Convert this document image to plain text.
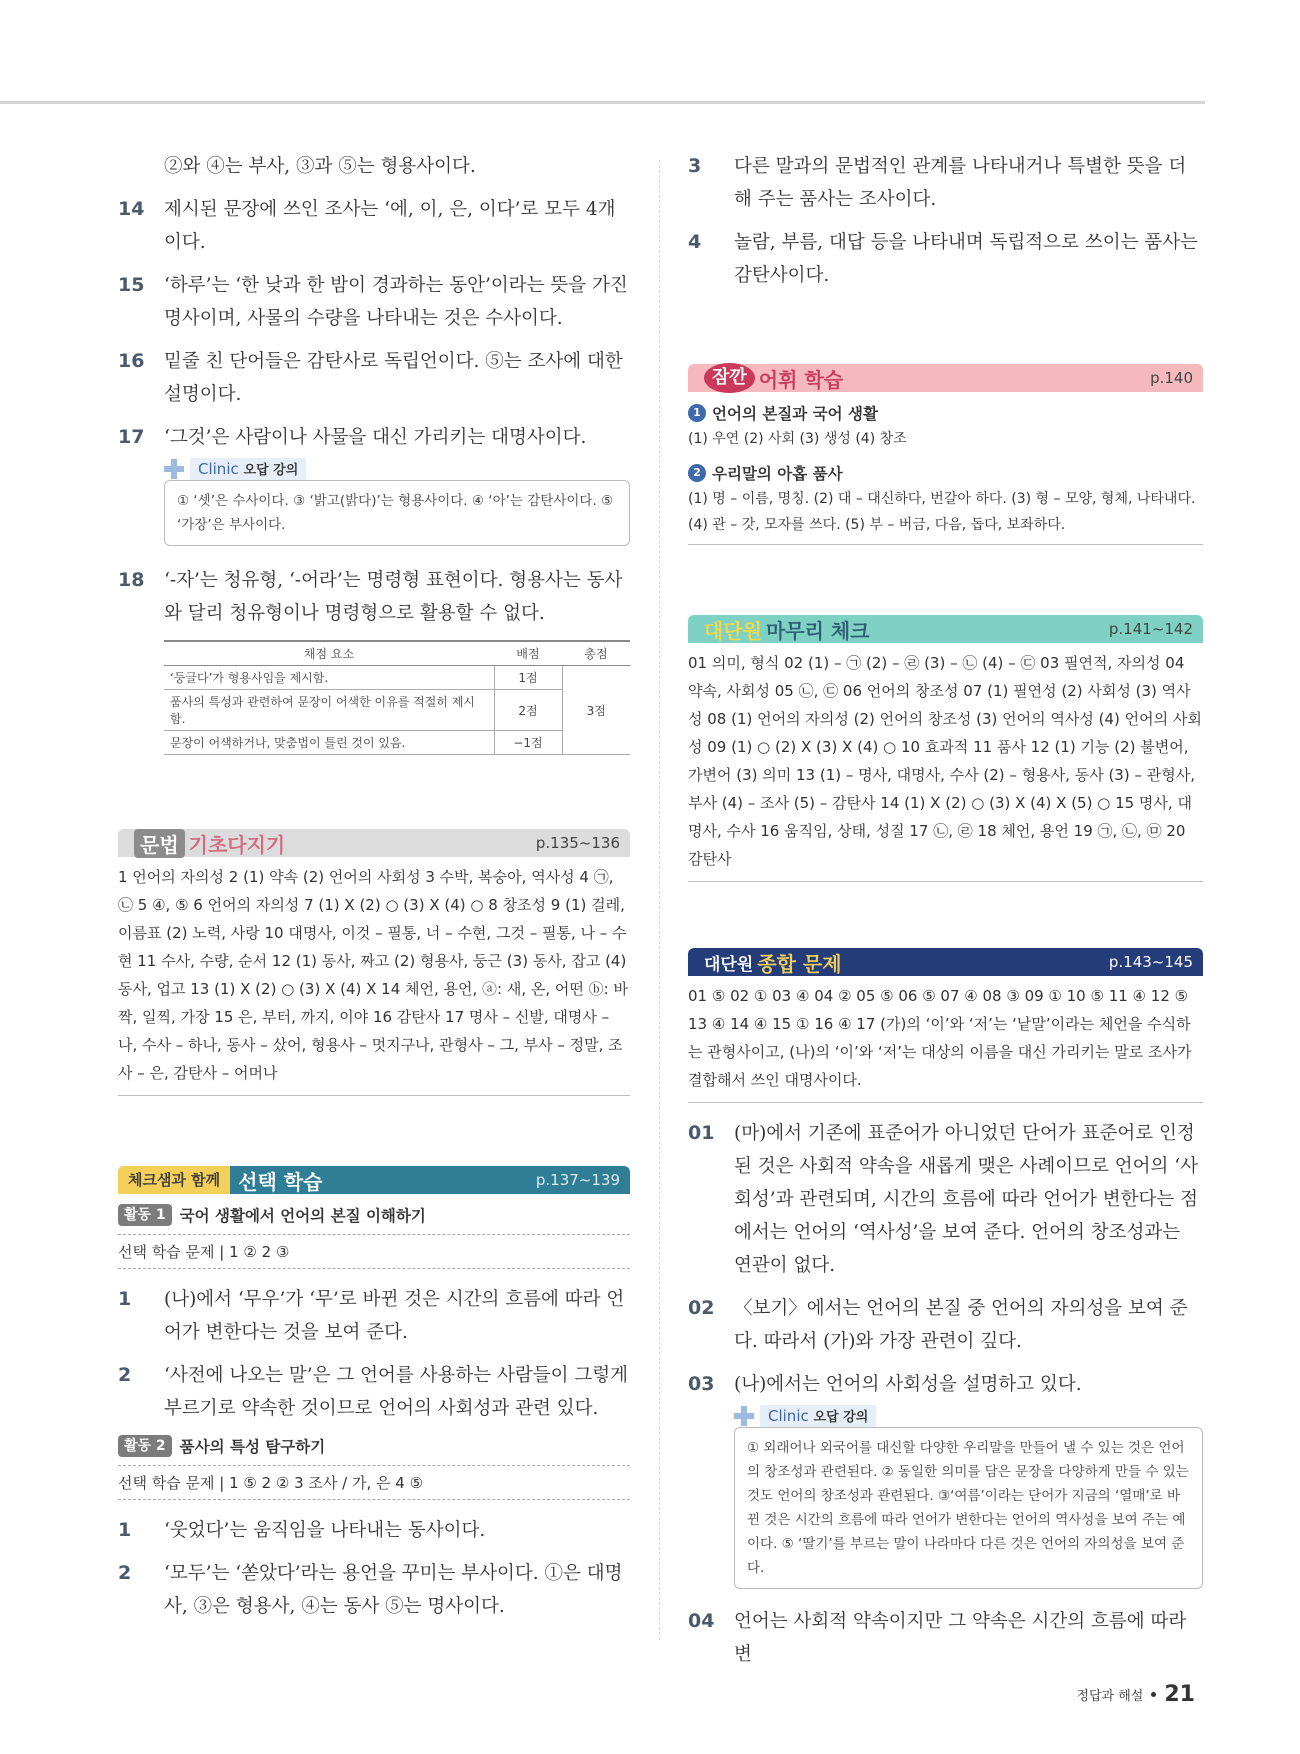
②와 ④는 부사, ③과 ⑤는 형용사이다.
14 제시된 문장에 쓰인 조사는 ‘에, 이, 은, 이다’로 모두 4개이다.
15 ‘하루’는 ‘한 낮과 한 밤이 경과하는 동안’이라는 뜻을 가진 명사이며, 사물의 수량을 나타내는 것은 수사이다.
16 밑줄 친 단어들은 감탄사로 독립언이다. ⑤는 조사에 대한 설명이다.
17 ‘그것’은 사람이나 사물을 대신 가리키는 대명사이다.
Clinic 오답 강의
① ‘셋’은 수사이다. ③ ‘밝고(밝다)’는 형용사이다. ④ ‘아’는 감탄사이다. ⑤ ‘가장’은 부사이다.
18 ‘-자’는 청유형, ‘-어라’는 명령형 표현이다. 형용사는 동사와 달리 청유형이나 명령형으로 활용할 수 없다.
채점 요소	배점	총점
‘둥글다’가 형용사임을 제시함.	1점	3점
품사의 특성과 관련하여 문장이 어색한 이유를 적절히 제시함.	2점	
문장이 어색하거나, 맞춤법이 틀린 것이 있음.	−1점	
문법 기초다지기	p.135~136
1 언어의 자의성 2 (1) 약속 (2) 언어의 사회성 3 수박, 복숭아, 역사성 4 ㉠, ㉡ 5 ④, ⑤ 6 언어의 자의성 7 (1) X (2) ○ (3) X (4) ○ 8 창조성 9 (1) 걸레, 이름표 (2) 노력, 사랑 10 대명사, 이것 – 필통, 너 – 수현, 그것 – 필통, 나 – 수현 11 수사, 수량, 순서 12 (1) 동사, 짜고 (2) 형용사, 둥근 (3) 동사, 잡고 (4) 동사, 업고 13 (1) X (2) ○ (3) X (4) X 14 체언, 용언, ⓐ: 새, 온, 어떤 ⓑ: 바짝, 일찍, 가장 15 은, 부터, 까지, 이야 16 감탄사 17 명사 – 신발, 대명사 – 나, 수사 – 하나, 동사 – 샀어, 형용사 – 멋지구나, 관형사 – 그, 부사 – 정말, 조사 – 은, 감탄사 – 어머나
체크샘과 함께 선택 학습	p.137~139
활동 1 국어 생활에서 언어의 본질 이해하기
선택 학습 문제 | 1 ② 2 ③
1 (나)에서 ‘무우’가 ‘무’로 바뀐 것은 시간의 흐름에 따라 언어가 변한다는 것을 보여 준다.
2 ‘사전에 나오는 말’은 그 언어를 사용하는 사람들이 그렇게 부르기로 약속한 것이므로 언어의 사회성과 관련 있다.
활동 2 품사의 특성 탐구하기
선택 학습 문제 | 1 ⑤ 2 ② 3 조사 / 가, 은 4 ⑤
1 ‘웃었다’는 움직임을 나타내는 동사이다.
2 ‘모두’는 ‘쏟았다’라는 용언을 꾸미는 부사이다. ①은 대명사, ③은 형용사, ④는 동사 ⑤는 명사이다.
3 다른 말과의 문법적인 관계를 나타내거나 특별한 뜻을 더해 주는 품사는 조사이다.
4 놀람, 부름, 대답 등을 나타내며 독립적으로 쓰이는 품사는 감탄사이다.
잠깐 어휘 학습	p.140
1 언어의 본질과 국어 생활
(1) 우연 (2) 사회 (3) 생성 (4) 창조
2 우리말의 아홉 품사
(1) 명 – 이름, 명칭. (2) 대 – 대신하다, 번갈아 하다. (3) 형 – 모양, 형체, 나타내다. (4) 관 – 갓, 모자를 쓰다. (5) 부 – 버금, 다음, 돕다, 보좌하다.
대단원 마무리 체크	p.141~142
01 의미, 형식 02 (1) – ㉠ (2) – ㉣ (3) – ㉡ (4) – ㉢ 03 필연적, 자의성 04 약속, 사회성 05 ㉡, ㉢ 06 언어의 창조성 07 (1) 필연성 (2) 사회성 (3) 역사성 08 (1) 언어의 자의성 (2) 언어의 창조성 (3) 언어의 역사성 (4) 언어의 사회성 09 (1) ○ (2) X (3) X (4) ○ 10 효과적 11 품사 12 (1) 기능 (2) 불변어, 가변어 (3) 의미 13 (1) – 명사, 대명사, 수사 (2) – 형용사, 동사 (3) – 관형사, 부사 (4) – 조사 (5) – 감탄사 14 (1) X (2) ○ (3) X (4) X (5) ○ 15 명사, 대명사, 수사 16 움직임, 상태, 성질 17 ㉡, ㉣ 18 체언, 용언 19 ㉠, ㉡, ㉤ 20 감탄사
대단원 종합 문제	p.143~145
01 ⑤ 02 ① 03 ④ 04 ② 05 ⑤ 06 ⑤ 07 ④ 08 ③ 09 ① 10 ⑤ 11 ④ 12 ⑤ 13 ④ 14 ④ 15 ① 16 ④ 17 (가)의 ‘이’와 ‘저’는 ‘낱말’이라는 체언을 수식하는 관형사이고, (나)의 ‘이’와 ‘저’는 대상의 이름을 대신 가리키는 말로 조사가 결합해서 쓰인 대명사이다.
01 (마)에서 기존에 표준어가 아니었던 단어가 표준어로 인정된 것은 사회적 약속을 새롭게 맺은 사례이므로 언어의 ‘사회성’과 관련되며, 시간의 흐름에 따라 언어가 변한다는 점에서는 언어의 ‘역사성’을 보여 준다. 언어의 창조성과는 연관이 없다.
02 〈보기〉에서는 언어의 본질 중 언어의 자의성을 보여 준다. 따라서 (가)와 가장 관련이 깊다.
03 (나)에서는 언어의 사회성을 설명하고 있다.
Clinic 오답 강의
① 외래어나 외국어를 대신할 다양한 우리말을 만들어 낼 수 있는 것은 언어의 창조성과 관련된다. ② 동일한 의미를 담은 문장을 다양하게 만들 수 있는 것도 언어의 창조성과 관련된다. ③‘여름’이라는 단어가 지금의 ‘열매’로 바뀐 것은 시간의 흐름에 따라 언어가 변한다는 언어의 역사성을 보여 주는 예이다. ⑤ ‘딸기’를 부르는 말이 나라마다 다른 것은 언어의 자의성을 보여 준다.
04 언어는 사회적 약속이지만 그 약속은 시간의 흐름에 따라 변
정답과 해설 21
